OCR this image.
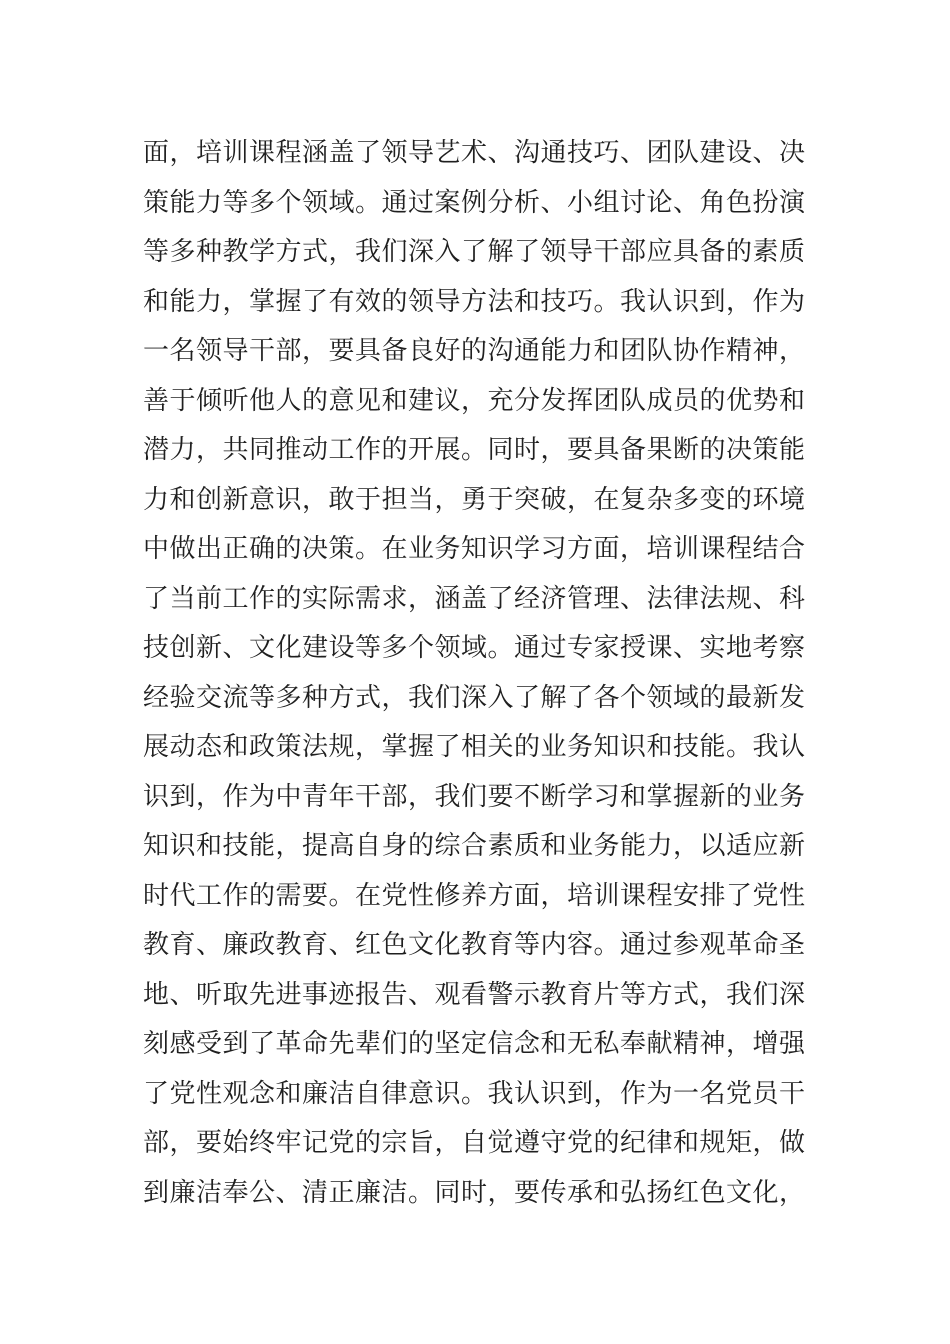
面，培训课程涵盖了领导艺术、沟通技巧、团队建设、决
策能力等多个领域。通过案例分析、小组讨论、角色扮演
等多种教学方式，我们深入了解了领导干部应具备的素质
和能力，掌握了有效的领导方法和技巧。我认识到，作为
一名领导干部，要具备良好的沟通能力和团队协作精神，
善于倾听他人的意见和建议，充分发挥团队成员的优势和
潜力，共同推动工作的开展。同时，要具备果断的决策能
力和创新意识，敢于担当，勇于突破，在复杂多变的环境
中做出正确的决策。在业务知识学习方面，培训课程结合
了当前工作的实际需求，涵盖了经济管理、法律法规、科
技创新、文化建设等多个领域。通过专家授课、实地考察
经验交流等多种方式，我们深入了解了各个领域的最新发
展动态和政策法规，掌握了相关的业务知识和技能。我认
识到，作为中青年干部，我们要不断学习和掌握新的业务
知识和技能，提高自身的综合素质和业务能力，以适应新
时代工作的需要。在党性修养方面，培训课程安排了党性
教育、廉政教育、红色文化教育等内容。通过参观革命圣
地、听取先进事迹报告、观看警示教育片等方式，我们深
刻感受到了革命先辈们的坚定信念和无私奉献精神，增强
了党性观念和廉洁自律意识。我认识到，作为一名党员干
部，要始终牢记党的宗旨，自觉遵守党的纪律和规矩，做
到廉洁奉公、清正廉洁。同时，要传承和弘扬红色文化，
